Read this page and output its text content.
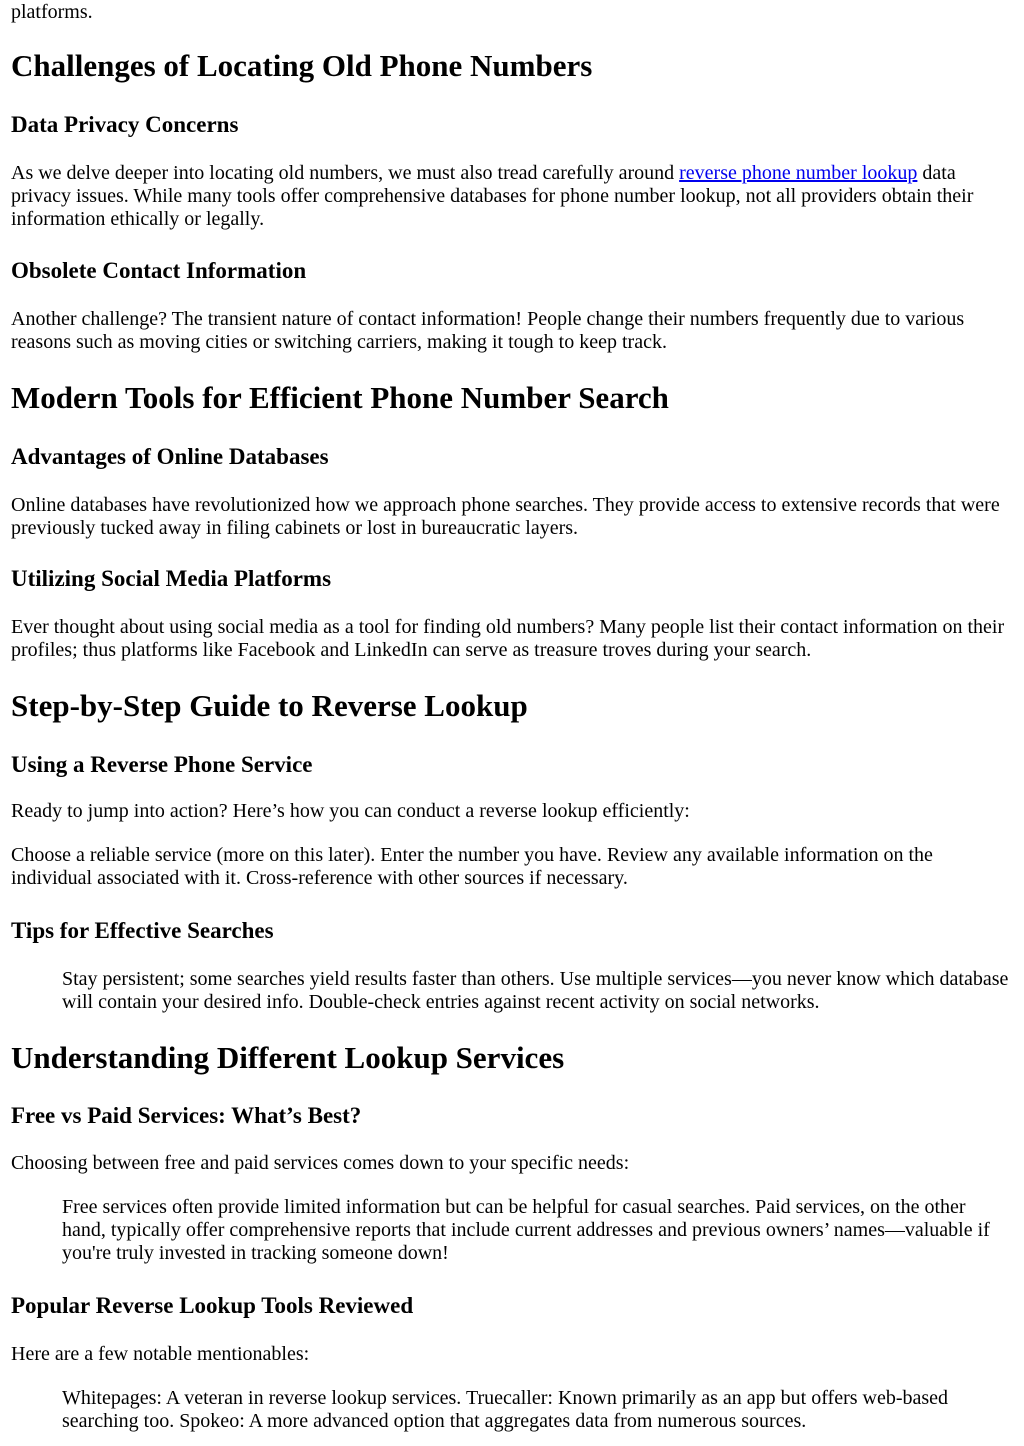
platforms.

Challenges of Locating Old Phone Numbers
Data Privacy Concerns

As we delve deeper into locating old numbers, we must also tread carefully around reverse phone number lookup data privacy issues. While many tools offer comprehensive databases for phone number lookup, not all providers obtain their information ethically or legally.

Obsolete Contact Information

Another challenge? The transient nature of contact information! People change their numbers frequently due to various reasons such as moving cities or switching carriers, making it tough to keep track.

Modern Tools for Efficient Phone Number Search
Advantages of Online Databases

Online databases have revolutionized how we approach phone searches. They provide access to extensive records that were previously tucked away in filing cabinets or lost in bureaucratic layers.

Utilizing Social Media Platforms

Ever thought about using social media as a tool for finding old numbers? Many people list their contact information on their profiles; thus platforms like Facebook and LinkedIn can serve as treasure troves during your search.

Step-by-Step Guide to Reverse Lookup
Using a Reverse Phone Service

Ready to jump into action? Here’s how you can conduct a reverse lookup efficiently:

Choose a reliable service (more on this later). Enter the number you have. Review any available information on the individual associated with it. Cross-reference with other sources if necessary.

Tips for Effective Searches
Stay persistent; some searches yield results faster than others. Use multiple services—you never know which database will contain your desired info. Double-check entries against recent activity on social networks.
Understanding Different Lookup Services
Free vs Paid Services: What’s Best?

Choosing between free and paid services comes down to your specific needs:

Free services often provide limited information but can be helpful for casual searches. Paid services, on the other hand, typically offer comprehensive reports that include current addresses and previous owners’ names—valuable if you're truly invested in tracking someone down!
Popular Reverse Lookup Tools Reviewed

Here are a few notable mentionables:

Whitepages: A veteran in reverse lookup services. Truecaller: Known primarily as an app but offers web-based searching too. Spokeo: A more advanced option that aggregates data from numerous sources.
